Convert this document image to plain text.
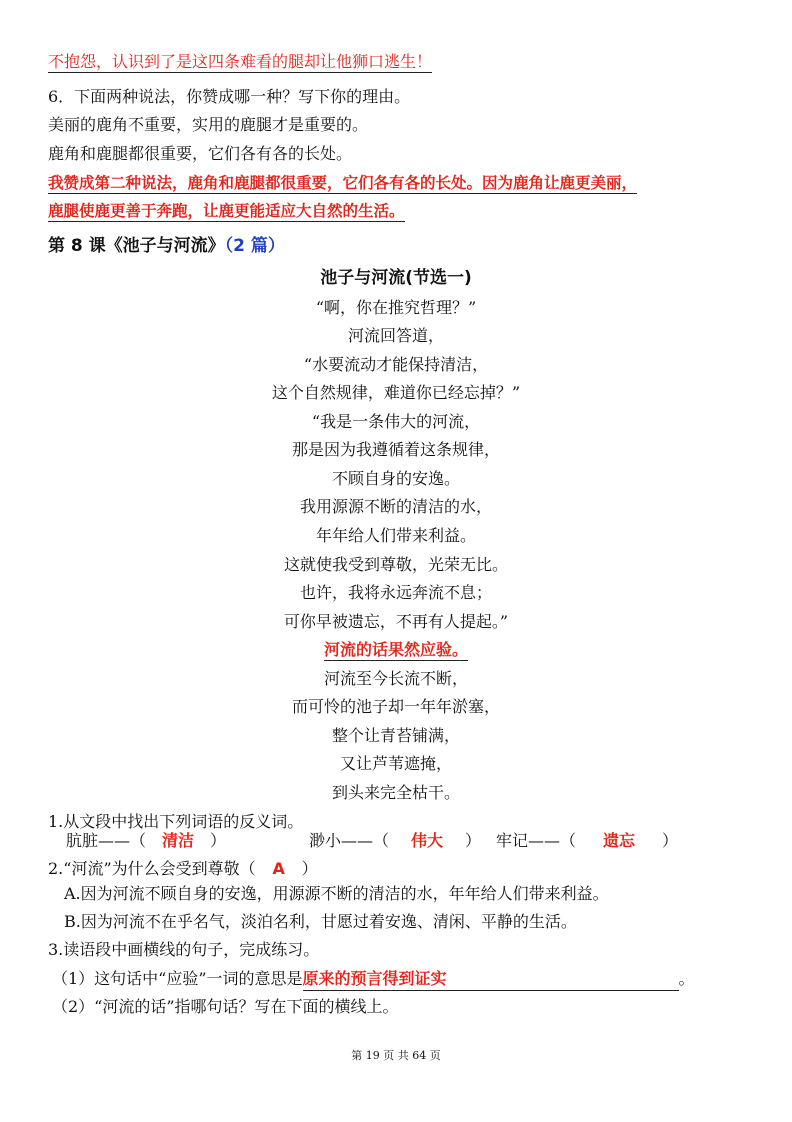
不抱怨，认识到了是这四条难看的腿却让他狮口逃生！
6．下面两种说法，你赞成哪一种？写下你的理由。
美丽的鹿角不重要，实用的鹿腿才是重要的。
鹿角和鹿腿都很重要，它们各有各的长处。
我赞成第二种说法，鹿角和鹿腿都很重要，它们各有各的长处。因为鹿角让鹿更美丽，
鹿腿使鹿更善于奔跑，让鹿更能适应大自然的生活。
第 8 课《池子与河流》（2 篇）
池子与河流(节选一)
“啊，你在推究哲理？”
河流回答道，
“水要流动才能保持清洁，
这个自然规律，难道你已经忘掉？”
“我是一条伟大的河流，
那是因为我遵循着这条规律，
不顾自身的安逸。
我用源源不断的清洁的水，
年年给人们带来利益。
这就使我受到尊敬，光荣无比。
也许，我将永远奔流不息；
可你早被遗忘，不再有人提起。”
河流的话果然应验。
河流至今长流不断，
而可怜的池子却一年年淤塞，
整个让青苔铺满，
又让芦苇遮掩，
到头来完全枯干。
1.从文段中找出下列词语的反义词。
肮脏——（ 清洁 ）	渺小——（ 伟大 ） 牢记——（ 遗忘 ）
2.“河流”为什么会受到尊敬（ A ）
A.因为河流不顾自身的安逸，用源源不断的清洁的水，年年给人们带来利益。
B.因为河流不在乎名气，淡泊名利，甘愿过着安逸、清闲、平静的生活。
3.读语段中画横线的句子，完成练习。
（1）这句话中“应验”一词的意思是原来的预言得到证实	。
（2）“河流的话”指哪句话？写在下面的横线上。
第 19 页 共 64 页
